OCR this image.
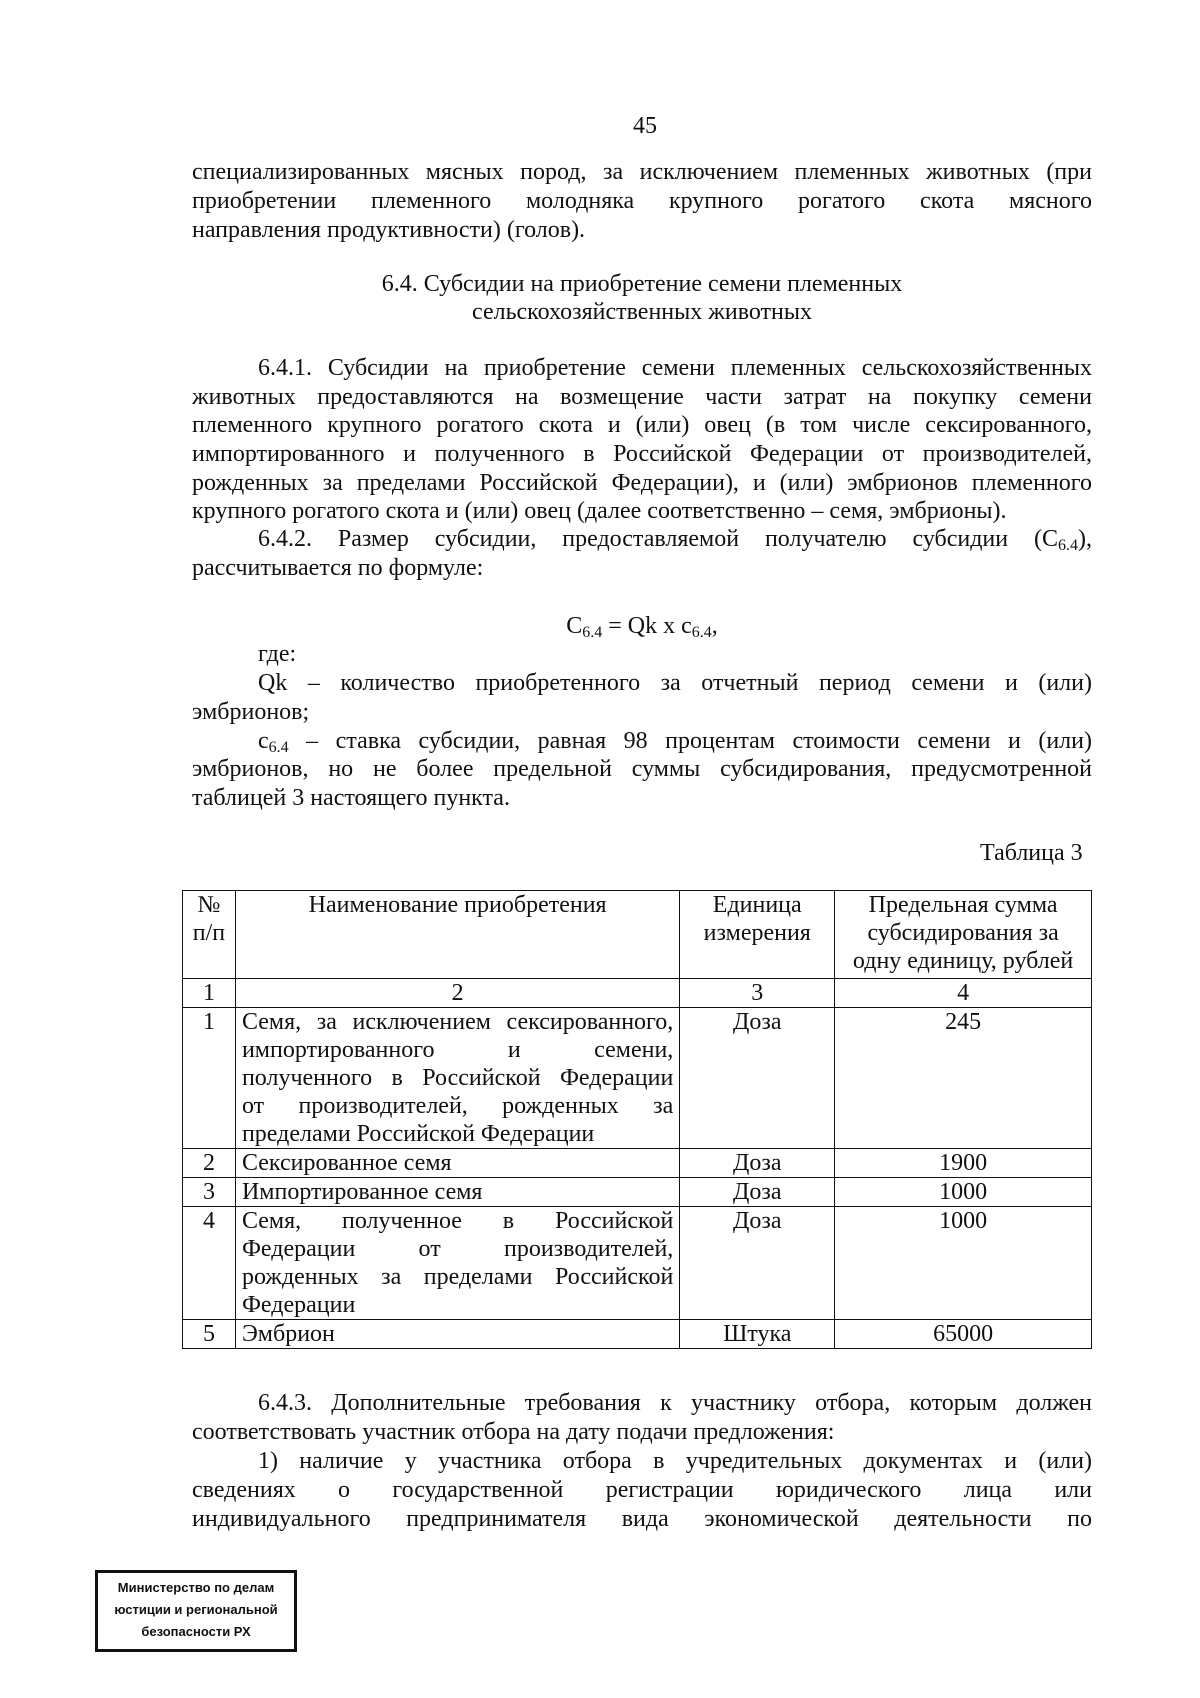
45
специализированных мясных пород, за исключением племенных животных (при
приобретении племенного молодняка крупного рогатого скота мясного
направления продуктивности) (голов).
6.4. Субсидии на приобретение семени племенных
сельскохозяйственных животных
6.4.1. Субсидии на приобретение семени племенных сельскохозяйственных
животных предоставляются на возмещение части затрат на покупку семени
племенного крупного рогатого скота и (или) овец (в том числе сексированного,
импортированного и полученного в Российской Федерации от производителей,
рожденных за пределами Российской Федерации), и (или) эмбрионов племенного
крупного рогатого скота и (или) овец (далее соответственно – семя, эмбрионы).
6.4.2. Размер субсидии, предоставляемой получателю субсидии $(С_{6.4})$,
рассчитывается по формуле:
$С_{6.4} = Qk$ x $с_{6.4}$,
где:
Qk – количество приобретенного за отчетный период семени и (или)
эмбрионов;
$с_{6.4}$ – ставка субсидии, равная 98 процентам стоимости семени и (или)
эмбрионов, но не более предельной суммы субсидирования, предусмотренной
таблицей 3 настоящего пункта.
Таблица 3
№ п/п	Наименование приобретения	Единица измерения	Предельная сумма субсидирования за одну единицу, рублей
1	2	3	4
1	Семя, за исключением сексированного,
импортированного и семени,
полученного в Российской Федерации
от производителей, рожденных за
пределами Российской Федерации	Доза	245
2	Сексированное семя	Доза	1900
3	Импортированное семя	Доза	1000
4	Семя, полученное в Российской
Федерации от производителей,
рожденных за пределами Российской
Федерации	Доза	1000
5	Эмбрион	Штука	65000
6.4.3. Дополнительные требования к участнику отбора, которым должен
соответствовать участник отбора на дату подачи предложения:
1) наличие у участника отбора в учредительных документах и (или)
сведениях о государственной регистрации юридического лица или
индивидуального предпринимателя вида экономической деятельности по
Министерство по делам
юстиции и региональной
безопасности РХ
